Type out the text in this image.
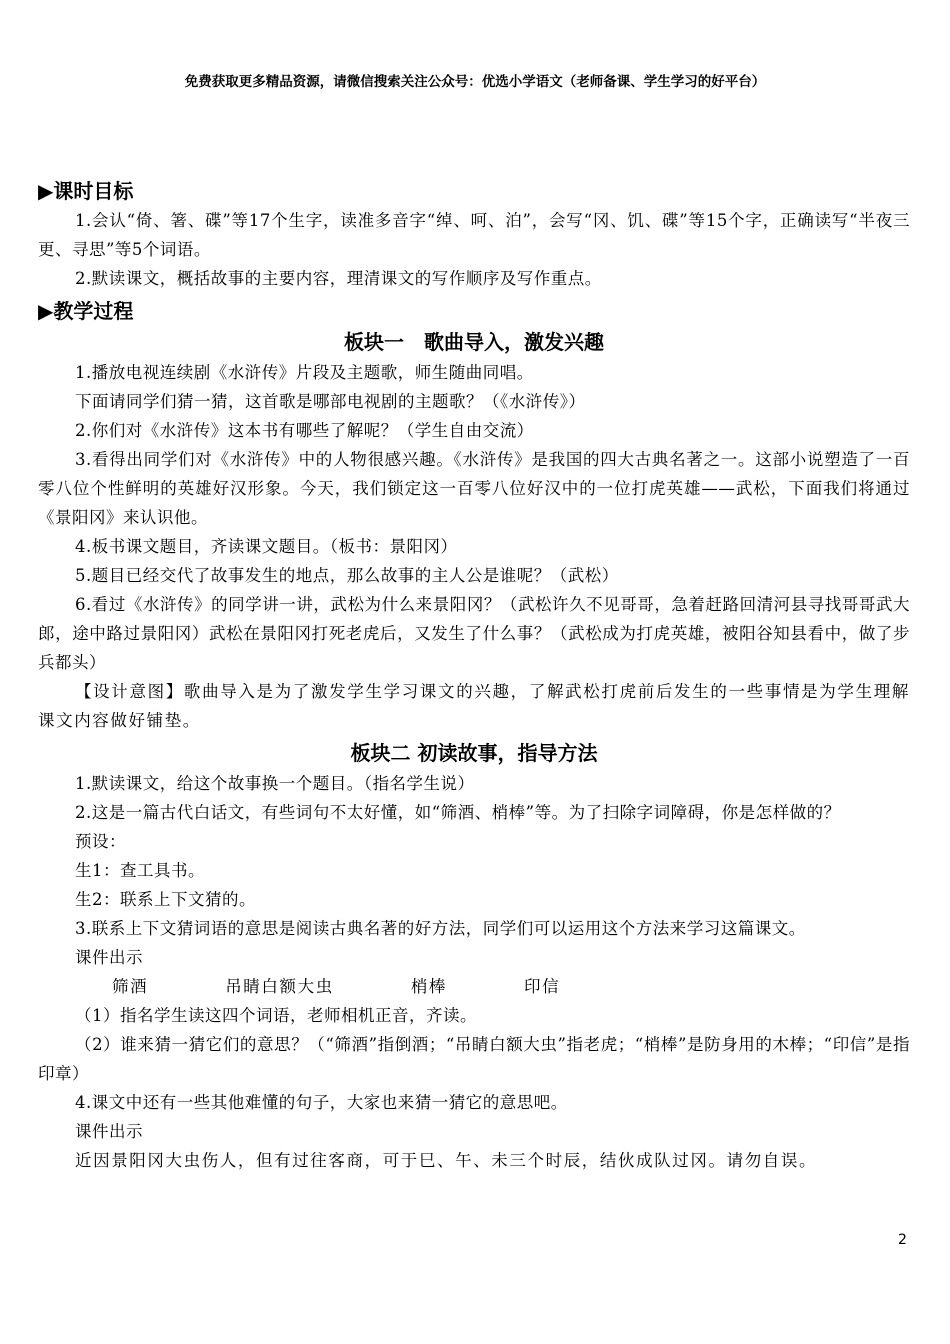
免费获取更多精品资源，请微信搜索关注公众号：优选小学语文（老师备课、学生学习的好平台）
▶课时目标
1.会认“倚、箸、碟”等17个生字，读准多音字“绰、呵、泊”，会写“冈、饥、碟”等15个字，正确读写“半夜三更、寻思”等5个词语。
2.默读课文，概括故事的主要内容，理清课文的写作顺序及写作重点。
▶教学过程
板块一　歌曲导入，激发兴趣
1.播放电视连续剧《水浒传》片段及主题歌，师生随曲同唱。
下面请同学们猜一猜，这首歌是哪部电视剧的主题歌？（《水浒传》）
2.你们对《水浒传》这本书有哪些了解呢？（学生自由交流）
3.看得出同学们对《水浒传》中的人物很感兴趣。《水浒传》是我国的四大古典名著之一。这部小说塑造了一百零八位个性鲜明的英雄好汉形象。今天，我们锁定这一百零八位好汉中的一位打虎英雄——武松，下面我们将通过《景阳冈》来认识他。
4.板书课文题目，齐读课文题目。（板书：景阳冈）
5.题目已经交代了故事发生的地点，那么故事的主人公是谁呢？（武松）
6.看过《水浒传》的同学讲一讲，武松为什么来景阳冈？（武松许久不见哥哥，急着赶路回清河县寻找哥哥武大郎，途中路过景阳冈）武松在景阳冈打死老虎后，又发生了什么事？（武松成为打虎英雄，被阳谷知县看中，做了步兵都头）
【设计意图】歌曲导入是为了激发学生学习课文的兴趣，了解武松打虎前后发生的一些事情是为学生理解课文内容做好铺垫。
板块二 初读故事，指导方法
1.默读课文，给这个故事换一个题目。（指名学生说）
2.这是一篇古代白话文，有些词句不太好懂，如“筛酒、梢棒”等。为了扫除字词障碍，你是怎样做的？
预设：
生1：查工具书。
生2：联系上下文猜的。
3.联系上下文猜词语的意思是阅读古典名著的好方法，同学们可以运用这个方法来学习这篇课文。
课件出示
筛酒	吊睛白额大虫	梢棒	印信
（1）指名学生读这四个词语，老师相机正音，齐读。
（2）谁来猜一猜它们的意思？（“筛酒”指倒酒；“吊睛白额大虫”指老虎；“梢棒”是防身用的木棒；“印信”是指印章）
4.课文中还有一些其他难懂的句子，大家也来猜一猜它的意思吧。
课件出示
近因景阳冈大虫伤人，但有过往客商，可于巳、午、未三个时辰，结伙成队过冈。请勿自误。
2
